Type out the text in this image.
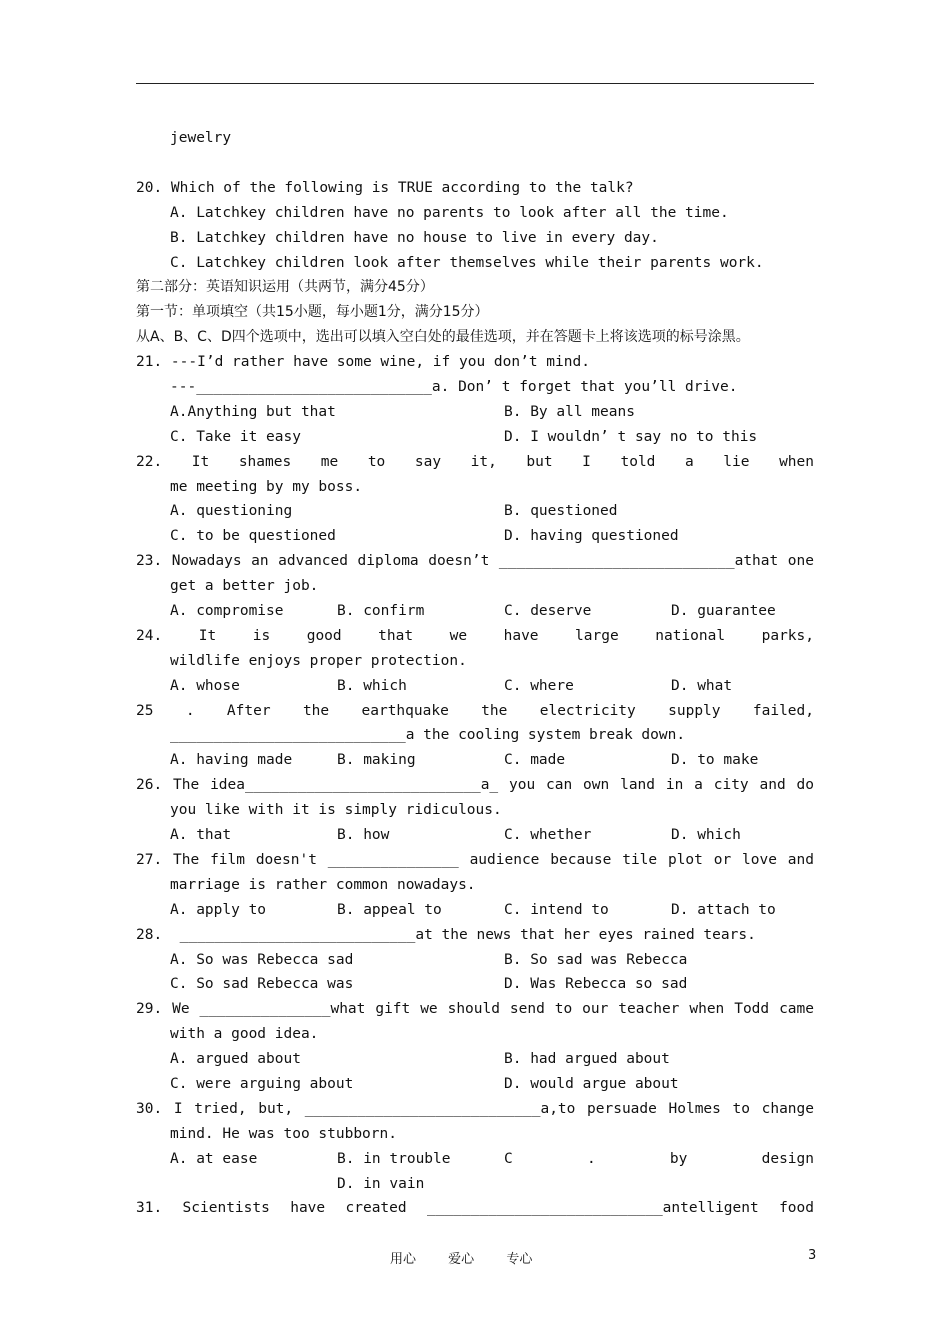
jewelry
20. Which of the following is TRUE according to the talk?
A. Latchkey children have no parents to look after all the time.
B. Latchkey children have no house to live in every day.
C. Latchkey children look after themselves while their parents work.
第二部分：英语知识运用（共两节，满分45分）
第一节：单项填空（共15小题，每小题1分，满分15分）
从A、B、C、D四个选项中，选出可以填入空白处的最佳选项，并在答题卡上将该选项的标号涂黑。
21. ---I’d rather have some wine, if you don’t mind.
---___________________________a. Don’ t forget that you’ll drive.
A.Anything but that	B. By all means
C. Take it easy	D. I wouldn’ t say no to this
22. It shames me to say it, but I told a lie when
me meeting by my boss.
A. questioning	B. questioned
C. to be questioned	D. having questioned
23. Nowadays an advanced diploma doesn’t ___________________________athat one
get a better job.
A. compromise	B. confirm	C. deserve	D. guarantee
24. It is good that we have large national parks,
wildlife enjoys proper protection.
A. whose	B. which	C. where	D. what
25 . After the earthquake the electricity supply failed,
___________________________a the cooling system break down.
A. having made	B. making	C. made	D. to make
26. The idea___________________________a_ you can own land in a city and do
you like with it is simply ridiculous.
A. that	B. how	C. whether	D. which
27. The film doesn't _______________ audience because tile plot or love and
marriage is rather common nowadays.
A. apply to	B. appeal to	C. intend to	D. attach to
28.  ___________________________at the news that her eyes rained tears.
A. So was Rebecca sad	B. So sad was Rebecca
C. So sad Rebecca was	D. Was Rebecca so sad
29. We _______________what gift we should send to our teacher when Todd came
with a good idea.
A. argued about	B. had argued about
C. were arguing about	D. would argue about
30. I tried, but, ___________________________a,to persuade Holmes to change
mind. He was too stubborn.
A. at ease	B. in trouble	C . by design
D. in vain
31. Scientists have created ___________________________antelligent food
用心 爱心 专心	3
